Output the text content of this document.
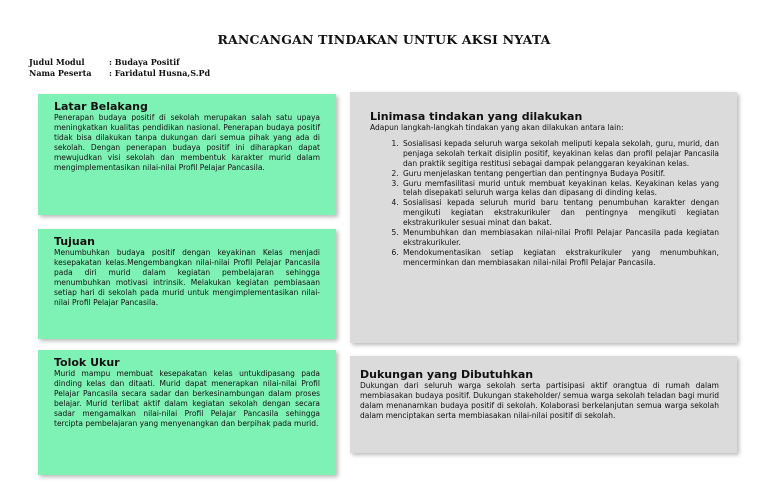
RANCANGAN TINDAKAN UNTUK AKSI NYATA
Judul Modul	: Budaya Positif
Nama Peserta	: Faridatul Husna,S.Pd
Latar Belakang

Penerapan budaya positif di sekolah merupakan salah satu upaya meningkatkan kualitas pendidikan nasional. Penerapan budaya positif tidak bisa dilakukan tanpa dukungan dari semua pihak yang ada di sekolah. Dengan penerapan budaya positif ini diharapkan dapat mewujudkan visi sekolah dan membentuk karakter murid dalam mengimplementasikan nilai-nilai Profil Pelajar Pancasila.

Tujuan

Menumbuhkan budaya positif dengan keyakinan Kelas menjadi kesepakatan kelas.Mengembangkan nilai-nilai Profil Pelajar Pancasila pada diri murid dalam kegiatan pembelajaran sehingga menumbuhkan motivasi intrinsik. Melakukan kegiatan pembiasaan setiap hari di sekolah pada murid untuk mengimplementasikan nilai-nilai Profil Pelajar Pancasila.

Tolok Ukur

Murid mampu membuat kesepakatan kelas untukdipasang pada dinding kelas dan ditaati. Murid dapat menerapkan nilai-nilai Profil Pelajar Pancasila secara sadar dan berkesinambungan dalam proses belajar. Murid terlibat aktif dalam kegiatan sekolah dengan secara sadar mengamalkan nilai-nilai Profil Pelajar Pancasila sehingga tercipta pembelajaran yang menyenangkan dan berpihak pada murid.

Linimasa tindakan yang dilakukan

Adapun langkah-langkah tindakan yang akan dilakukan antara lain:

1. Sosialisasi kepada seluruh warga sekolah meliputi kepala sekolah, guru, murid, dan penjaga sekolah terkait disiplin positif, keyakinan kelas dan profil pelajar Pancasila dan praktik segitiga restitusi sebagai dampak pelanggaran keyakinan kelas.
2. Guru menjelaskan tentang pengertian dan pentingnya Budaya Positif.
3. Guru memfasilitasi murid untuk membuat keyakinan kelas. Keyakinan kelas yang telah disepakati seluruh warga kelas dan dipasang di dinding kelas.
4. Sosialisasi kepada seluruh murid baru tentang penumbuhan karakter dengan mengikuti kegiatan ekstrakurikuler dan pentingnya mengikuti kegiatan ekstrakurikuler sesuai minat dan bakat.
5. Menumbuhkan dan membiasakan nilai-nilai Profil Pelajar Pancasila pada kegiatan ekstrakurikuler.
6. Mendokumentasikan setiap kegiatan ekstrakurikuler yang menumbuhkan, mencerminkan dan membiasakan nilai-nilai Profil Pelajar Pancasila.
Dukungan yang Dibutuhkan

Dukungan dari seluruh warga sekolah serta partisipasi aktif orangtua di rumah dalam membiasakan budaya positif. Dukungan stakeholder/ semua warga sekolah teladan bagi murid dalam menanamkan budaya positif di sekolah. Kolaborasi berkelanjutan semua warga sekolah dalam menciptakan serta membiasakan nilai-nilai positif di sekolah.
